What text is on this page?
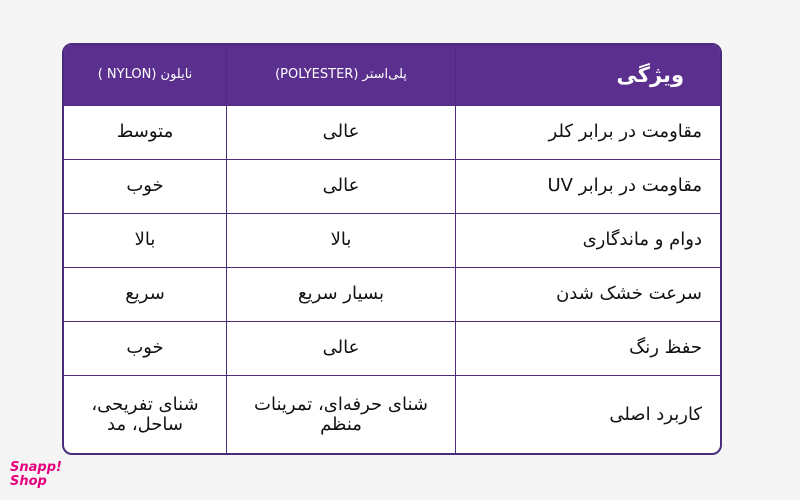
ویژگی	پلی‌استر (POLYESTER)	نایلون (NYLON )
مقاومت در برابر کلر	عالی	متوسط
مقاومت در برابر UV	عالی	خوب
دوام و ماندگاری	بالا	بالا
سرعت خشک شدن	بسیار سریع	سریع
حفظ رنگ	عالی	خوب
کاربرد اصلی	شنای حرفه‌ای، تمرینات منظم	شنای تفریحی، ساحل، مد
Snapp!
Shop
